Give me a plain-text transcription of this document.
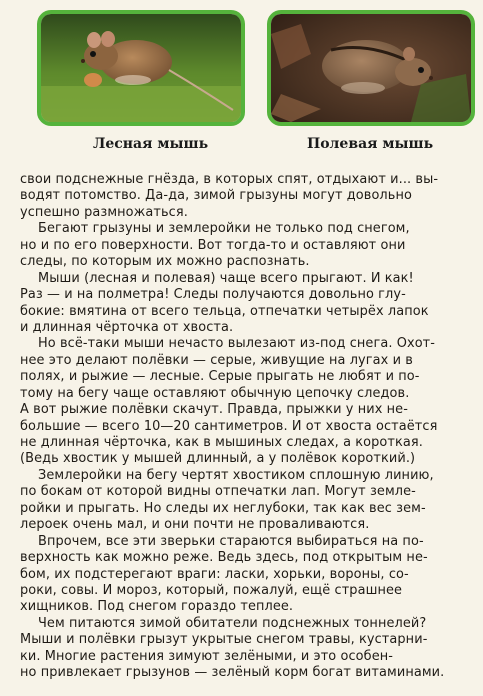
Лесная мышь	Полевая мышь
свои подснежные гнёзда, в которых спят, отдыхают и... вы-
водят потомство. Да-да, зимой грызуны могут довольно
успешно размножаться.
Бегают грызуны и землеройки не только под снегом,
но и по его поверхности. Вот тогда-то и оставляют они
следы, по которым их можно распознать.
Мыши (лесная и полевая) чаще всего прыгают. И как!
Раз — и на полметра! Следы получаются довольно глу-
бокие: вмятина от всего тельца, отпечатки четырёх лапок
и длинная чёрточка от хвоста.
Но всё-таки мыши нечасто вылезают из-под снега. Охот-
нее это делают полёвки — серые, живущие на лугах и в
полях, и рыжие — лесные. Серые прыгать не любят и по-
тому на бегу чаще оставляют обычную цепочку следов.
А вот рыжие полёвки скачут. Правда, прыжки у них не-
большие — всего 10—20 сантиметров. И от хвоста остаётся
не длинная чёрточка, как в мышиных следах, а короткая.
(Ведь хвостик у мышей длинный, а у полёвок короткий.)
Землеройки на бегу чертят хвостиком сплошную линию,
по бокам от которой видны отпечатки лап. Могут земле-
ройки и прыгать. Но следы их неглубоки, так как вес зем-
лероек очень мал, и они почти не проваливаются.
Впрочем, все эти зверьки стараются выбираться на по-
верхность как можно реже. Ведь здесь, под открытым не-
бом, их подстерегают враги: ласки, хорьки, вороны, со-
роки, совы. И мороз, который, пожалуй, ещё страшнее
хищников. Под снегом гораздо теплее.
Чем питаются зимой обитатели подснежных тоннелей?
Мыши и полёвки грызут укрытые снегом травы, кустарни-
ки. Многие растения зимуют зелёными, и это особен-
но привлекает грызунов — зелёный корм богат витаминами.
